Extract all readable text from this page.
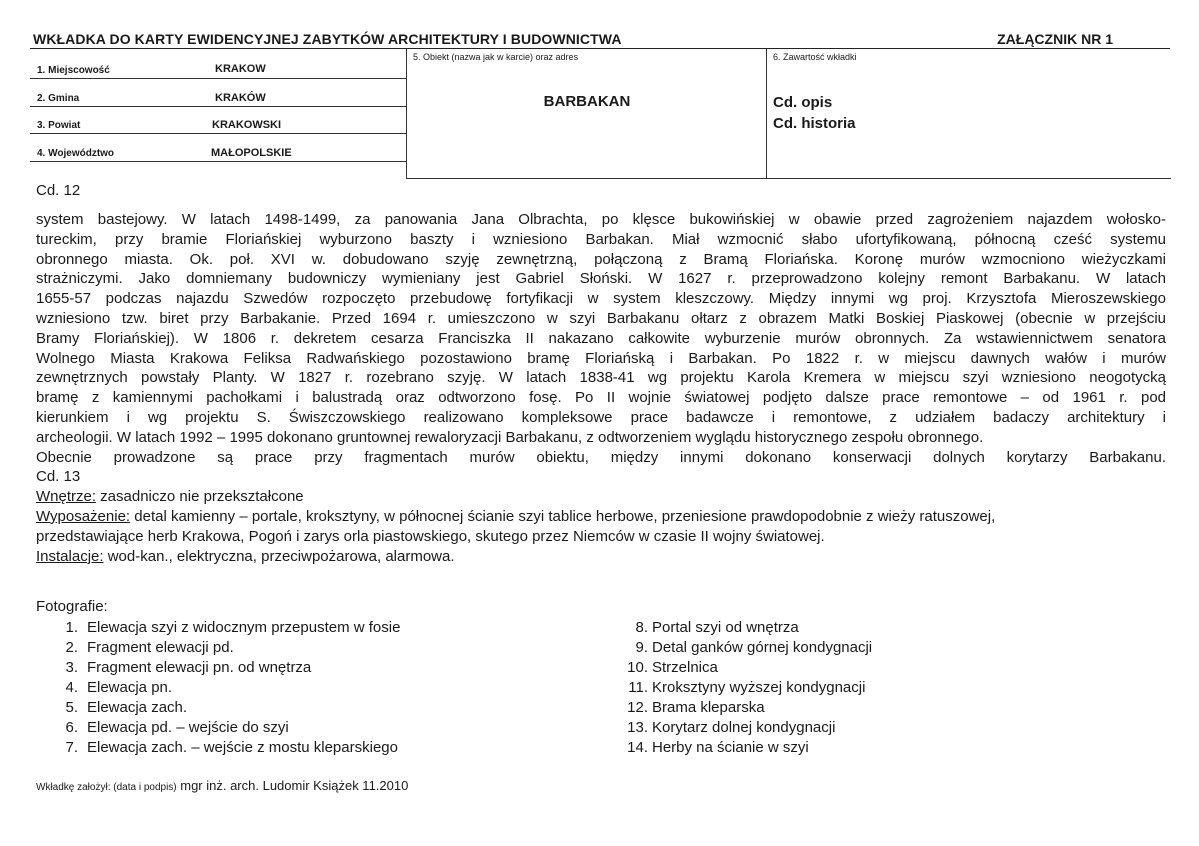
WKŁADKA DO KARTY EWIDENCYJNEJ ZABYTKÓW ARCHITEKTURY I BUDOWNICTWA	ZAŁĄCZNIK NR 1
1. Miejscowość	KRAKOW
2. Gmina	KRAKÓW
3. Powiat	KRAKOWSKI
4. Województwo	MAŁOPOLSKIE
5. Obiekt (nazwa jak w karcie) oraz adres
BARBAKAN
6. Zawartość wkładki
Cd. opis
Cd. historia
Cd. 12
system bastejowy. W latach 1498-1499, za panowania Jana Olbrachta, po klęsce bukowińskiej w obawie przed zagrożeniem najazdem wołosko-
tureckim, przy bramie Floriańskiej wyburzono baszty i wzniesiono Barbakan. Miał wzmocnić słabo ufortyfikowaną, północną cześć systemu
obronnego miasta. Ok. poł. XVI w. dobudowano szyję zewnętrzną, połączoną z Bramą Floriańska. Koronę murów wzmocniono wieżyczkami
strażniczymi. Jako domniemany budowniczy wymieniany jest Gabriel Słoński. W 1627 r. przeprowadzono kolejny remont Barbakanu. W latach
1655-57 podczas najazdu Szwedów rozpoczęto przebudowę fortyfikacji w system kleszczowy. Między innymi wg proj. Krzysztofa Mieroszewskiego
wzniesiono tzw. biret przy Barbakanie. Przed 1694 r. umieszczono w szyi Barbakanu ołtarz z obrazem Matki Boskiej Piaskowej (obecnie w przejściu
Bramy Floriańskiej). W 1806 r. dekretem cesarza Franciszka II nakazano całkowite wyburzenie murów obronnych. Za wstawiennictwem senatora
Wolnego Miasta Krakowa Feliksa Radwańskiego pozostawiono bramę Floriańską i Barbakan. Po 1822 r. w miejscu dawnych wałów i murów
zewnętrznych powstały Planty. W 1827 r. rozebrano szyję. W latach 1838-41 wg projektu Karola Kremera w miejscu szyi wzniesiono neogotycką
bramę z kamiennymi pachołkami i balustradą oraz odtworzono fosę. Po II wojnie światowej podjęto dalsze prace remontowe – od 1961 r. pod
kierunkiem i wg projektu S. Świszczowskiego realizowano kompleksowe prace badawcze i remontowe, z udziałem badaczy architektury i
archeologii. W latach 1992 – 1995 dokonano gruntownej rewaloryzacji Barbakanu, z odtworzeniem wyglądu historycznego zespołu obronnego.
Obecnie prowadzone są prace przy fragmentach murów obiektu, między innymi dokonano konserwacji dolnych korytarzy Barbakanu.
Cd. 13
Wnętrze: zasadniczo nie przekształcone
Wyposażenie: detal kamienny – portale, kroksztyny, w północnej ścianie szyi tablice herbowe, przeniesione prawdopodobnie z wieży ratuszowej,
przedstawiające herb Krakowa, Pogoń i zarys orla piastowskiego, skutego przez Niemców w czasie II wojny światowej.
Instalacje: wod-kan., elektryczna, przeciwpożarowa, alarmowa.
Fotografie:
1. Elewacja szyi z widocznym przepustem w fosie
2. Fragment elewacji pd.
3. Fragment elewacji pn. od wnętrza
4. Elewacja pn.
5. Elewacja zach.
6. Elewacja pd. – wejście do szyi
7. Elewacja zach. – wejście z mostu kleparskiego
8. Portal szyi od wnętrza
9. Detal ganków górnej kondygnacji
10. Strzelnica
11. Kroksztyny wyższej kondygnacji
12. Brama kleparska
13. Korytarz dolnej kondygnacji
14. Herby na ścianie w szyi
Wkładkę założył: (data i podpis) mgr inż. arch. Ludomir Książek 11.2010
